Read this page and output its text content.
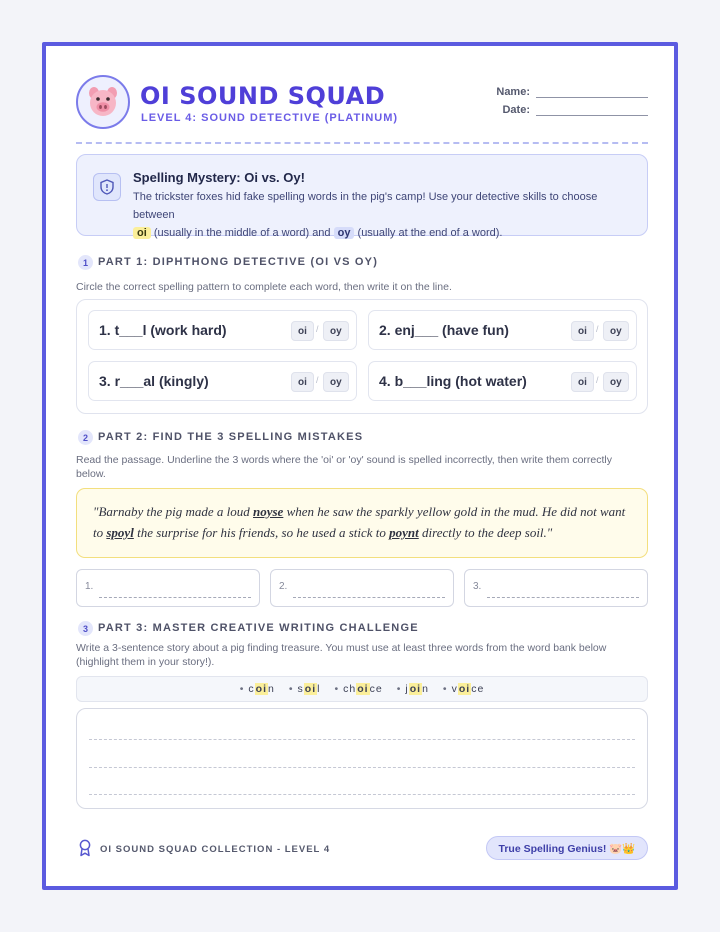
OI SOUND SQUAD
LEVEL 4: SOUND DETECTIVE (PLATINUM)
Name:
Date:
Spelling Mystery: Oi vs. Oy!
The trickster foxes hid fake spelling words in the pig's camp! Use your detective skills to choose between
oi (usually in the middle of a word) and oy (usually at the end of a word).
1 PART 1: DIPHTHONG DETECTIVE (OI VS OY)
Circle the correct spelling pattern to complete each word, then write it on the line.
1. t___l (work hard)	oi	/	oy	2. enj___ (have fun)	oi	/	oy
3. r___al (kingly)	oi	/	oy	4. b___ling (hot water)	oi	/	oy
2 PART 2: FIND THE 3 SPELLING MISTAKES
Read the passage. Underline the 3 words where the 'oi' or 'oy' sound is spelled incorrectly, then write them correctly below.
"Barnaby the pig made a loud noyse when he saw the sparkly yellow gold in the mud. He did not want to spoyl the surprise for his friends, so he used a stick to poynt directly to the deep soil."
1.	2.	3.
3 PART 3: MASTER CREATIVE WRITING CHALLENGE
Write a 3-sentence story about a pig finding treasure. You must use at least three words from the word bank below (highlight them in your story!).
• coin • soil • choice • join • voice
OI SOUND SQUAD COLLECTION - LEVEL 4	True Spelling Genius! 🐷👑
